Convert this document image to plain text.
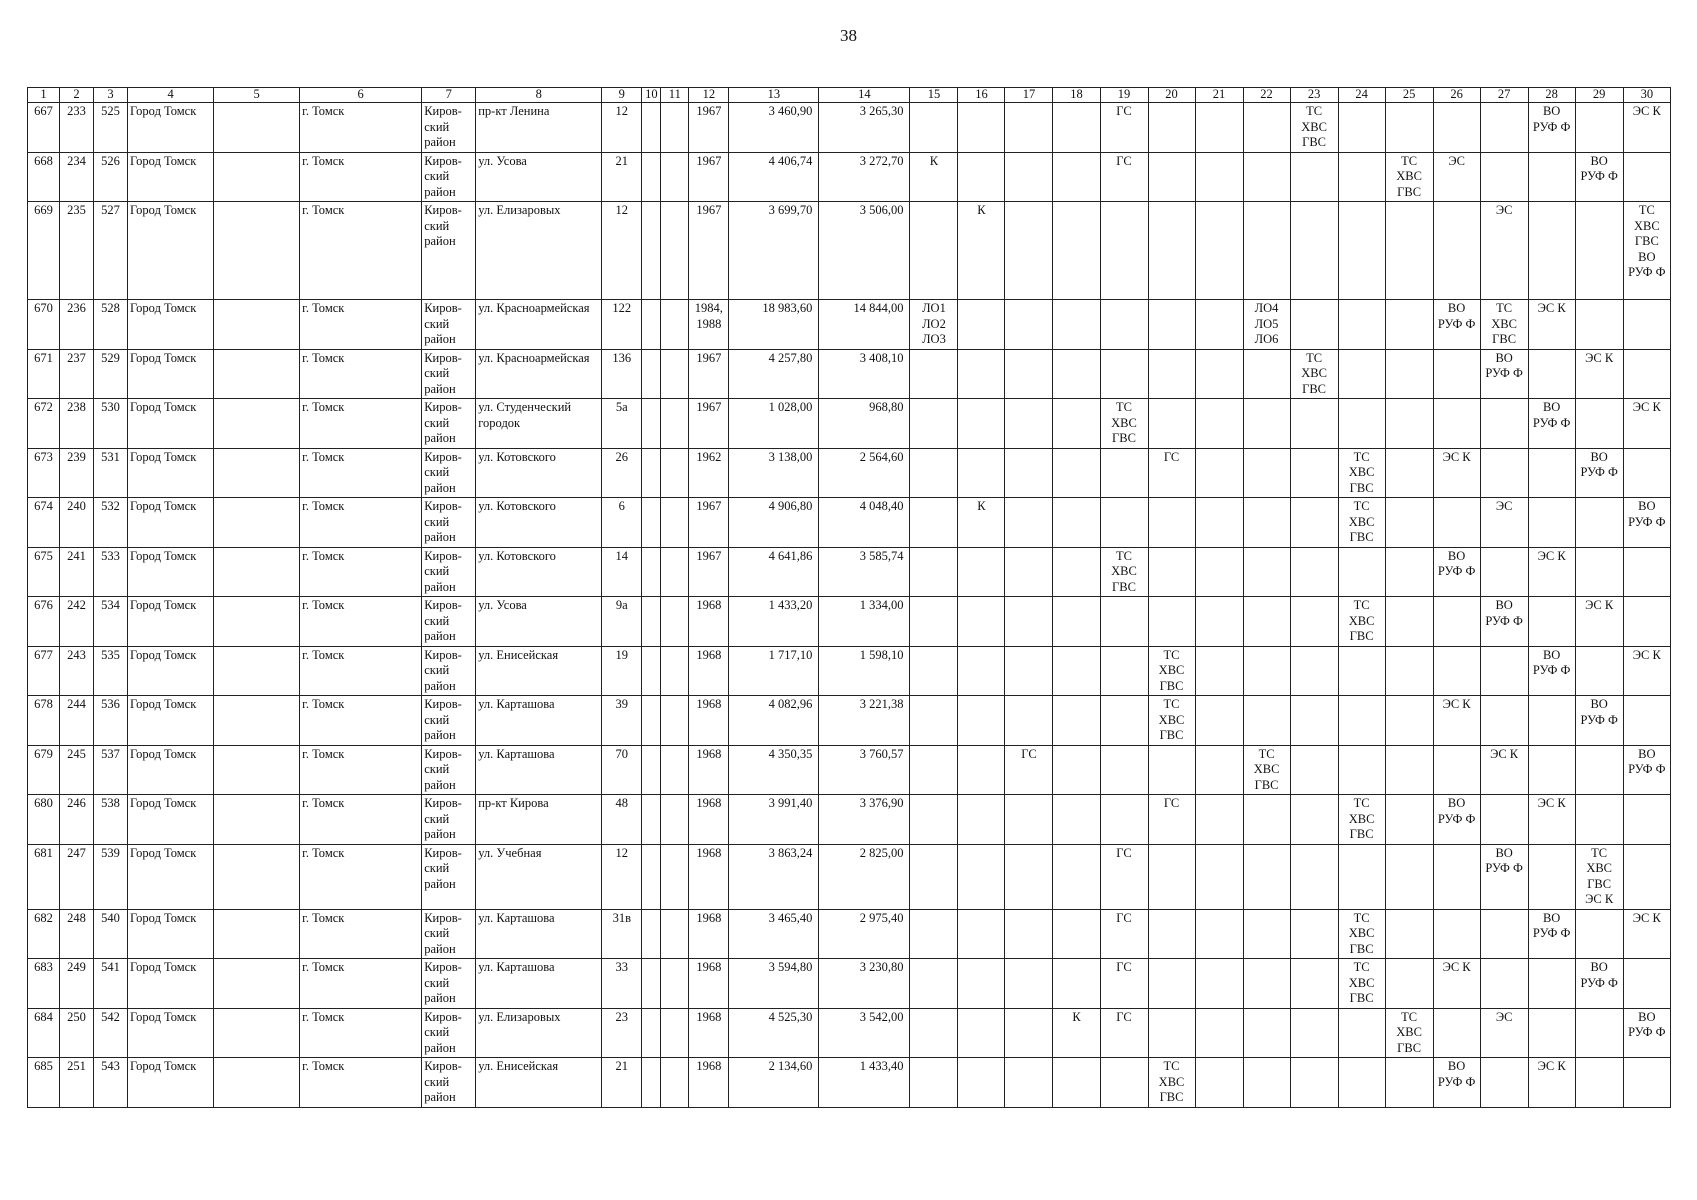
38
1	2	3	4	5	6	7	8	9	10	11	12	13	14	15	16	17	18	19	20	21	22	23	24	25	26	27	28	29	30
667	233	525	Город Томск		г. Томск	Киров-
ский
район	пр-кт Ленина	12			1967	3 460,90	3 265,30					ГС				ТС
ХВС
ГВС					ВО
РУФ Ф		ЭС К
668	234	526	Город Томск		г. Томск	Киров-
ский
район	ул. Усова	21			1967	4 406,74	3 272,70	К				ГС						ТС
ХВС
ГВС	ЭС			ВО
РУФ Ф	
669	235	527	Город Томск		г. Томск	Киров-
ский
район	ул. Елизаровых	12			1967	3 699,70	3 506,00		К											ЭС			ТС
ХВС
ГВС
ВО
РУФ Ф
670	236	528	Город Томск		г. Томск	Киров-
ский
район	ул. Красноармейская	122			1984,
1988	18 983,60	14 844,00	ЛО1
ЛО2
ЛО3							ЛО4
ЛО5
ЛО6				ВО
РУФ Ф	ТС
ХВС
ГВС	ЭС К		
671	237	529	Город Томск		г. Томск	Киров-
ский
район	ул. Красноармейская	136			1967	4 257,80	3 408,10									ТС
ХВС
ГВС				ВО
РУФ Ф		ЭС К	
672	238	530	Город Томск		г. Томск	Киров-
ский
район	ул. Студенческий
городок	5а			1967	1 028,00	968,80					ТС
ХВС
ГВС									ВО
РУФ Ф		ЭС К
673	239	531	Город Томск		г. Томск	Киров-
ский
район	ул. Котовского	26			1962	3 138,00	2 564,60						ГС				ТС
ХВС
ГВС		ЭС К			ВО
РУФ Ф	
674	240	532	Город Томск		г. Томск	Киров-
ский
район	ул. Котовского	6			1967	4 906,80	4 048,40		К								ТС
ХВС
ГВС			ЭС			ВО
РУФ Ф
675	241	533	Город Томск		г. Томск	Киров-
ский
район	ул. Котовского	14			1967	4 641,86	3 585,74					ТС
ХВС
ГВС							ВО
РУФ Ф		ЭС К		
676	242	534	Город Томск		г. Томск	Киров-
ский
район	ул. Усова	9а			1968	1 433,20	1 334,00										ТС
ХВС
ГВС			ВО
РУФ Ф		ЭС К	
677	243	535	Город Томск		г. Томск	Киров-
ский
район	ул. Енисейская	19			1968	1 717,10	1 598,10						ТС
ХВС
ГВС								ВО
РУФ Ф		ЭС К
678	244	536	Город Томск		г. Томск	Киров-
ский
район	ул. Карташова	39			1968	4 082,96	3 221,38						ТС
ХВС
ГВС						ЭС К			ВО
РУФ Ф	
679	245	537	Город Томск		г. Томск	Киров-
ский
район	ул. Карташова	70			1968	4 350,35	3 760,57			ГС					ТС
ХВС
ГВС					ЭС К			ВО
РУФ Ф
680	246	538	Город Томск		г. Томск	Киров-
ский
район	пр-кт Кирова	48			1968	3 991,40	3 376,90						ГС				ТС
ХВС
ГВС		ВО
РУФ Ф		ЭС К		
681	247	539	Город Томск		г. Томск	Киров-
ский
район	ул. Учебная	12			1968	3 863,24	2 825,00					ГС								ВО
РУФ Ф		ТС
ХВС
ГВС
ЭС К	
682	248	540	Город Томск		г. Томск	Киров-
ский
район	ул. Карташова	31в			1968	3 465,40	2 975,40					ГС					ТС
ХВС
ГВС				ВО
РУФ Ф		ЭС К
683	249	541	Город Томск		г. Томск	Киров-
ский
район	ул. Карташова	33			1968	3 594,80	3 230,80					ГС					ТС
ХВС
ГВС		ЭС К			ВО
РУФ Ф	
684	250	542	Город Томск		г. Томск	Киров-
ский
район	ул. Елизаровых	23			1968	4 525,30	3 542,00				К	ГС						ТС
ХВС
ГВС		ЭС			ВО
РУФ Ф
685	251	543	Город Томск		г. Томск	Киров-
ский
район	ул. Енисейская	21			1968	2 134,60	1 433,40						ТС
ХВС
ГВС						ВО
РУФ Ф		ЭС К		
